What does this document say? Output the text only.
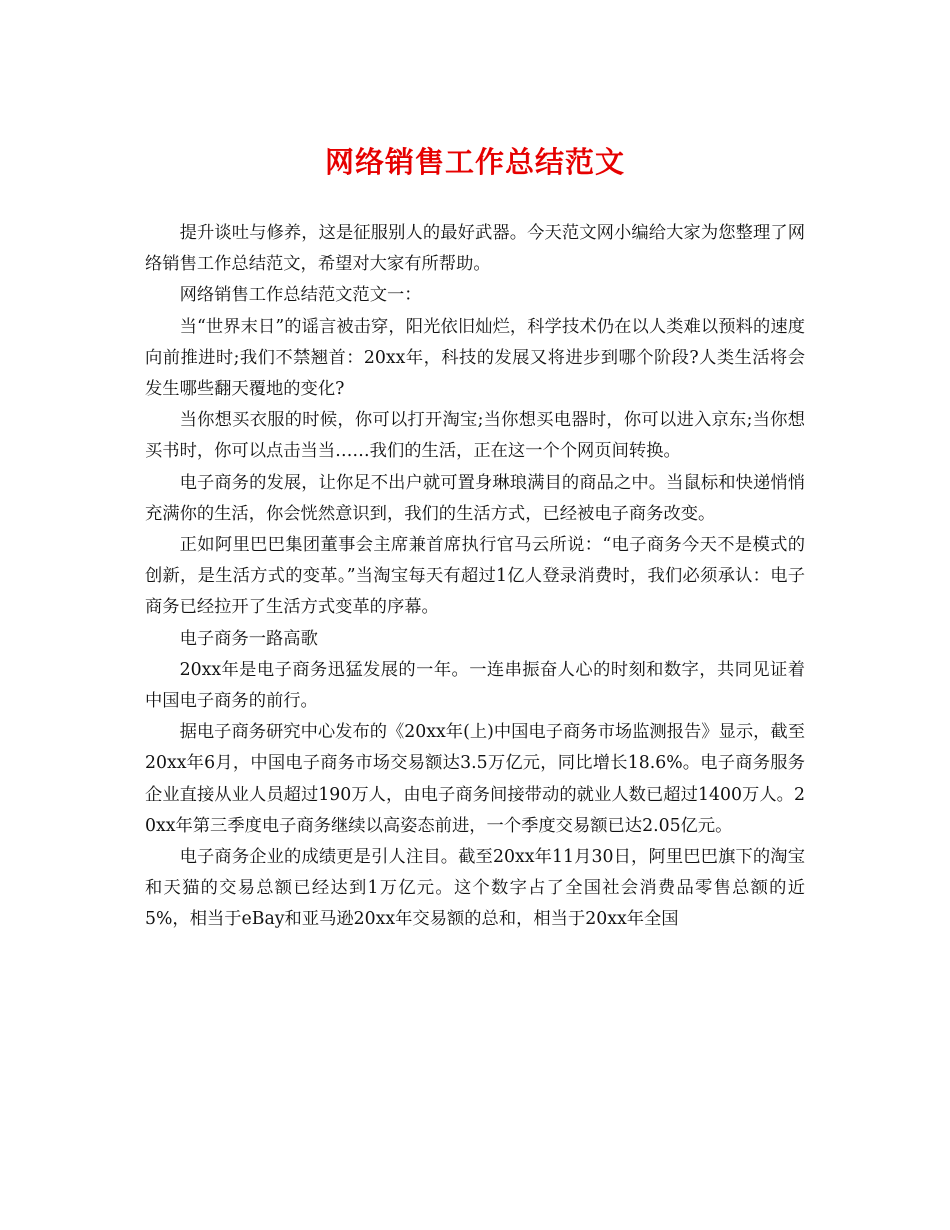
网络销售工作总结范文

提升谈吐与修养，这是征服别人的最好武器。今天范文网小编给大家为您整理了网络销售工作总结范文，希望对大家有所帮助。

网络销售工作总结范文范文一：

当“世界末日”的谣言被击穿，阳光依旧灿烂，科学技术仍在以人类难以预料的速度向前推进时;我们不禁翘首：20xx年，科技的发展又将进步到哪个阶段?人类生活将会发生哪些翻天覆地的变化?

当你想买衣服的时候，你可以打开淘宝;当你想买电器时，你可以进入京东;当你想买书时，你可以点击当当……我们的生活，正在这一个个网页间转换。

电子商务的发展，让你足不出户就可置身琳琅满目的商品之中。当鼠标和快递悄悄充满你的生活，你会恍然意识到，我们的生活方式，已经被电子商务改变。

正如阿里巴巴集团董事会主席兼首席执行官马云所说：“电子商务今天不是模式的创新，是生活方式的变革。”当淘宝每天有超过1亿人登录消费时，我们必须承认：电子商务已经拉开了生活方式变革的序幕。

电子商务一路高歌

20xx年是电子商务迅猛发展的一年。一连串振奋人心的时刻和数字，共同见证着中国电子商务的前行。

据电子商务研究中心发布的《20xx年(上)中国电子商务市场监测报告》显示，截至20xx年6月，中国电子商务市场交易额达3.5万亿元，同比增长18.6%。电子商务服务企业直接从业人员超过190万人，由电子商务间接带动的就业人数已超过1400万人。20xx年第三季度电子商务继续以高姿态前进，一个季度交易额已达2.05亿元。

电子商务企业的成绩更是引人注目。截至20xx年11月30日，阿里巴巴旗下的淘宝和天猫的交易总额已经达到1万亿元。这个数字占了全国社会消费品零售总额的近5%，相当于eBay和亚马逊20xx年交易额的总和，相当于20xx年全国
